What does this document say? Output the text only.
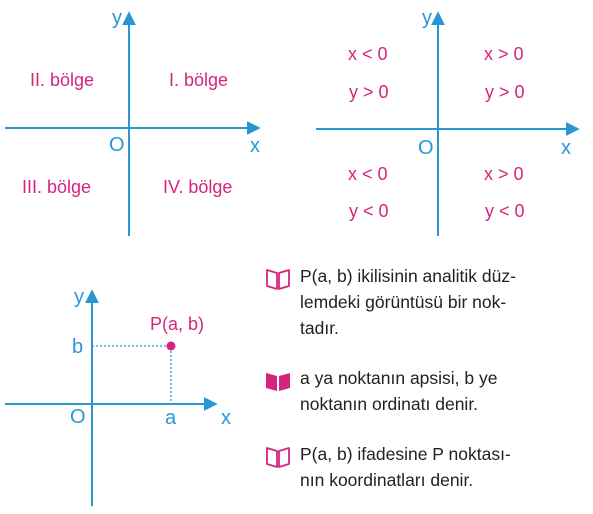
y
x
O
II. bölge	I. bölge
III. bölge	IV. bölge
y
x
O
x < 0
y > 0
x > 0
y > 0
x < 0
y < 0
x > 0
y < 0
y
x
O
P(a, b)
b
a
P(a, b) ikilisinin analitik düz-
lemdeki görüntüsü bir nok-
tadır.
a ya noktanın apsisi, b ye
noktanın ordinatı denir.
P(a, b) ifadesine P noktası-
nın koordinatları denir.
